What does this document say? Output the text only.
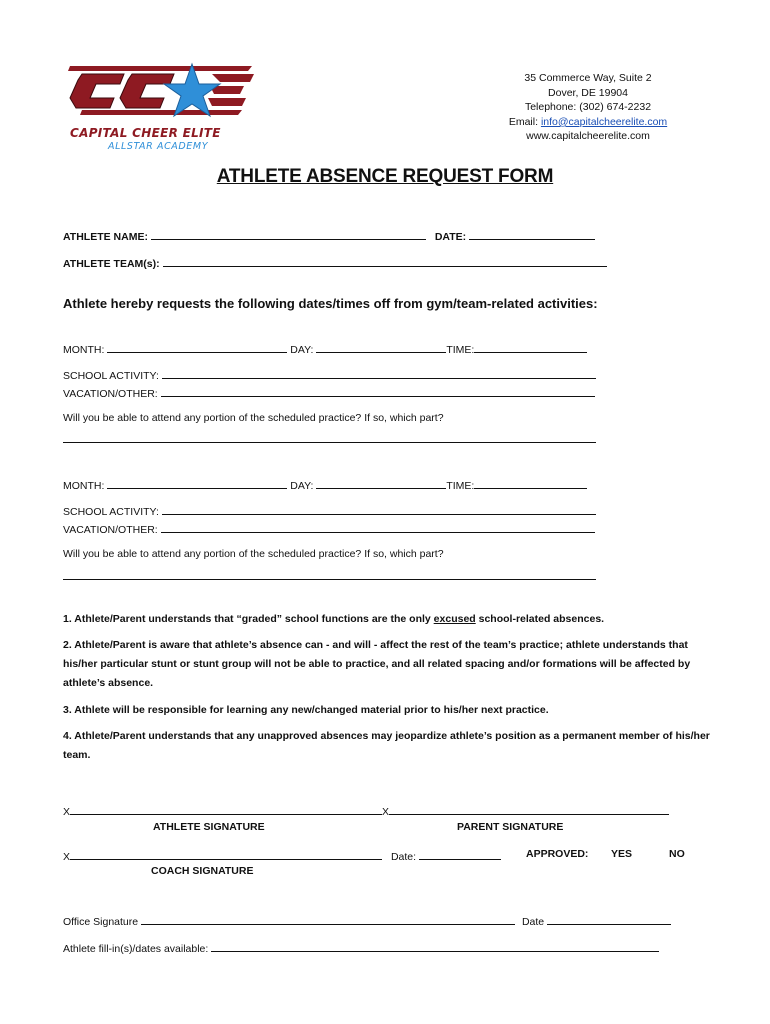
CAPITAL CHEER ELITE
ALLSTAR ACADEMY
35 Commerce Way, Suite 2
Dover, DE 19904
Telephone: (302) 674-2232
Email: info@capitalcheerelite.com
www.capitalcheerelite.com
ATHLETE ABSENCE REQUEST FORM
ATHLETE NAME:	DATE:
ATHLETE TEAM(s):
Athlete hereby requests the following dates/times off from gym/team-related activities:
MONTH:	DAY:	TIME:
SCHOOL ACTIVITY:
VACATION/OTHER:
Will you be able to attend any portion of the scheduled practice? If so, which part?
MONTH:	DAY:	TIME:
SCHOOL ACTIVITY:
VACATION/OTHER:
Will you be able to attend any portion of the scheduled practice? If so, which part?
1. Athlete/Parent understands that “graded” school functions are the only excused school-related absences.
2. Athlete/Parent is aware that athlete’s absence can - and will - affect the rest of the team’s practice; athlete understands that his/her particular stunt or stunt group will not be able to practice, and all related spacing and/or formations will be affected by athlete’s absence.
3. Athlete will be responsible for learning any new/changed material prior to his/her next practice.
4. Athlete/Parent understands that any unapproved absences may jeopardize athlete’s position as a permanent member of his/her team.
X	X
ATHLETE SIGNATURE	PARENT SIGNATURE
X	Date:	APPROVED: YES	NO
COACH SIGNATURE
Office Signature	Date
Athlete fill-in(s)/dates available:
